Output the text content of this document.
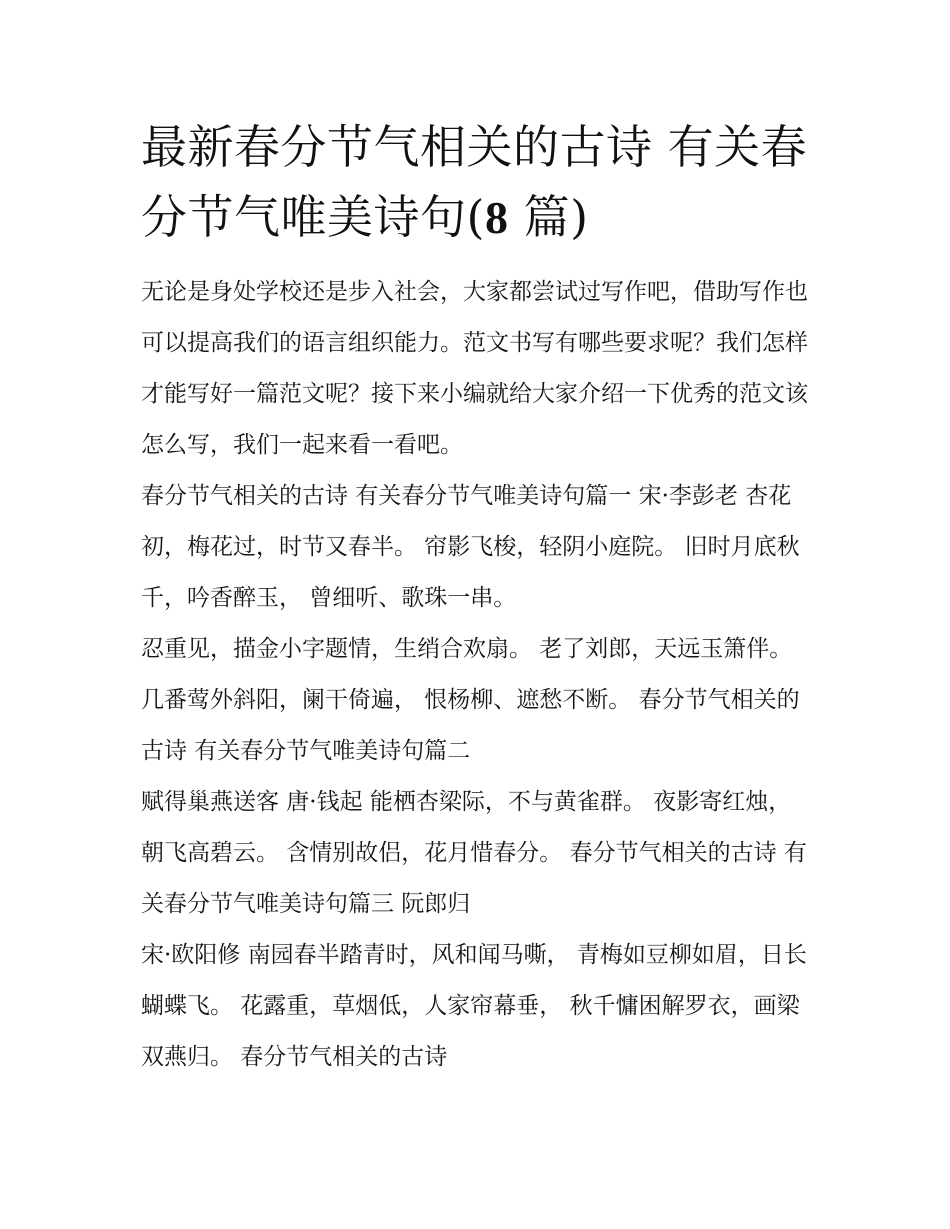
最新春分节气相关的古诗 有关春分节气唯美诗句(8 篇)

无论是身处学校还是步入社会，大家都尝试过写作吧，借助写作也可以提高我们的语言组织能力。范文书写有哪些要求呢？我们怎样才能写好一篇范文呢？接下来小编就给大家介绍一下优秀的范文该怎么写，我们一起来看一看吧。

春分节气相关的古诗 有关春分节气唯美诗句篇一 宋·李彭老 杏花初，梅花过，时节又春半。 帘影飞梭，轻阴小庭院。 旧时月底秋千，吟香醉玉， 曾细听、歌珠一串。

忍重见，描金小字题情，生绡合欢扇。 老了刘郎，天远玉箫伴。 几番莺外斜阳，阑干倚遍， 恨杨柳、遮愁不断。 春分节气相关的古诗 有关春分节气唯美诗句篇二

赋得巢燕送客 唐·钱起 能栖杏梁际，不与黄雀群。 夜影寄红烛，朝飞高碧云。 含情别故侣，花月惜春分。 春分节气相关的古诗 有关春分节气唯美诗句篇三 阮郎归

宋·欧阳修 南园春半踏青时，风和闻马嘶， 青梅如豆柳如眉，日长蝴蝶飞。 花露重，草烟低，人家帘幕垂， 秋千慵困解罗衣，画梁双燕归。 春分节气相关的古诗
